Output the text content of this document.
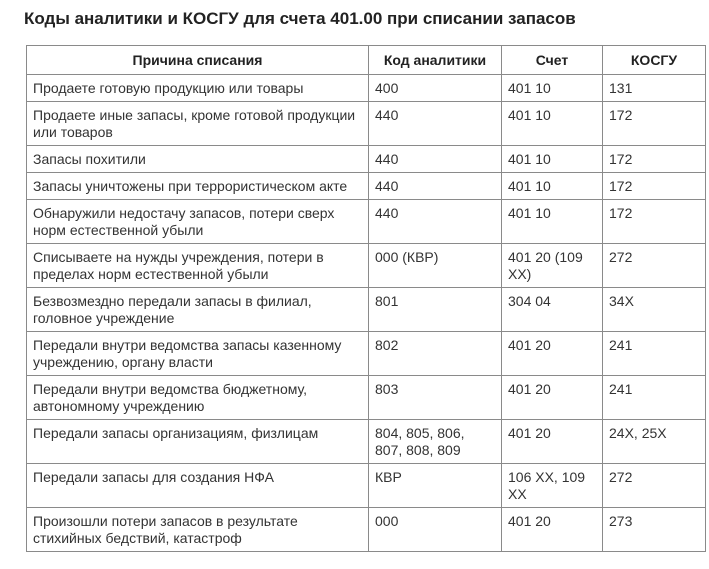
Коды аналитики и КОСГУ для счета 401.00 при списании запасов
Причина списания	Код аналитики	Счет	КОСГУ
Продаете готовую продукцию или товары	400	401 10	131
Продаете иные запасы, кроме готовой продукции или товаров	440	401 10	172
Запасы похитили	440	401 10	172
Запасы уничтожены при террористическом акте	440	401 10	172
Обнаружили недостачу запасов, потери сверх норм естественной убыли	440	401 10	172
Списываете на нужды учреждения, потери в пределах норм естественной убыли	000 (КВР)	401 20 (109 XX)	272
Безвозмездно передали запасы в филиал, головное учреждение	801	304 04	34X
Передали внутри ведомства запасы казенному учреждению, органу власти	802	401 20	241
Передали внутри ведомства бюджетному, автономному учреждению	803	401 20	241
Передали запасы организациям, физлицам	804, 805, 806, 807, 808, 809	401 20	24X, 25X
Передали запасы для создания НФА	КВР	106 XX, 109 XX	272
Произошли потери запасов в результате стихийных бедствий, катастроф	000	401 20	273
